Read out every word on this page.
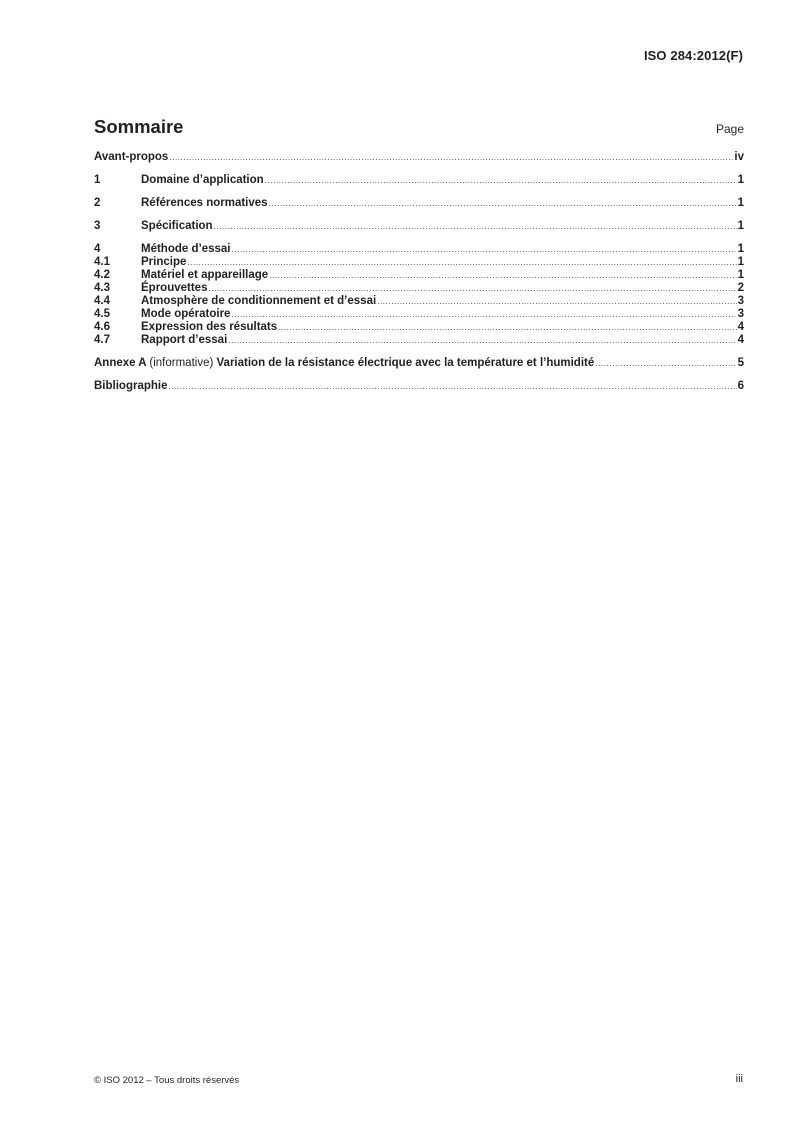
ISO 284:2012(F)
Sommaire	Page
Avant-propos .....	iv
1	Domaine d’application .....	1
2	Références normatives .....	1
3	Spécification .....	1
4	Méthode d’essai .....	1
4.1	Principe .....	1
4.2	Matériel et appareillage .....	1
4.3	Éprouvettes .....	2
4.4	Atmosphère de conditionnement et d’essai .....	3
4.5	Mode opératoire .....	3
4.6	Expression des résultats .....	4
4.7	Rapport d’essai .....	4
Annexe A (informative) Variation de la résistance électrique avec la température et l’humidité .....	5
Bibliographie .....	6
© ISO 2012 – Tous droits réservés	iii
